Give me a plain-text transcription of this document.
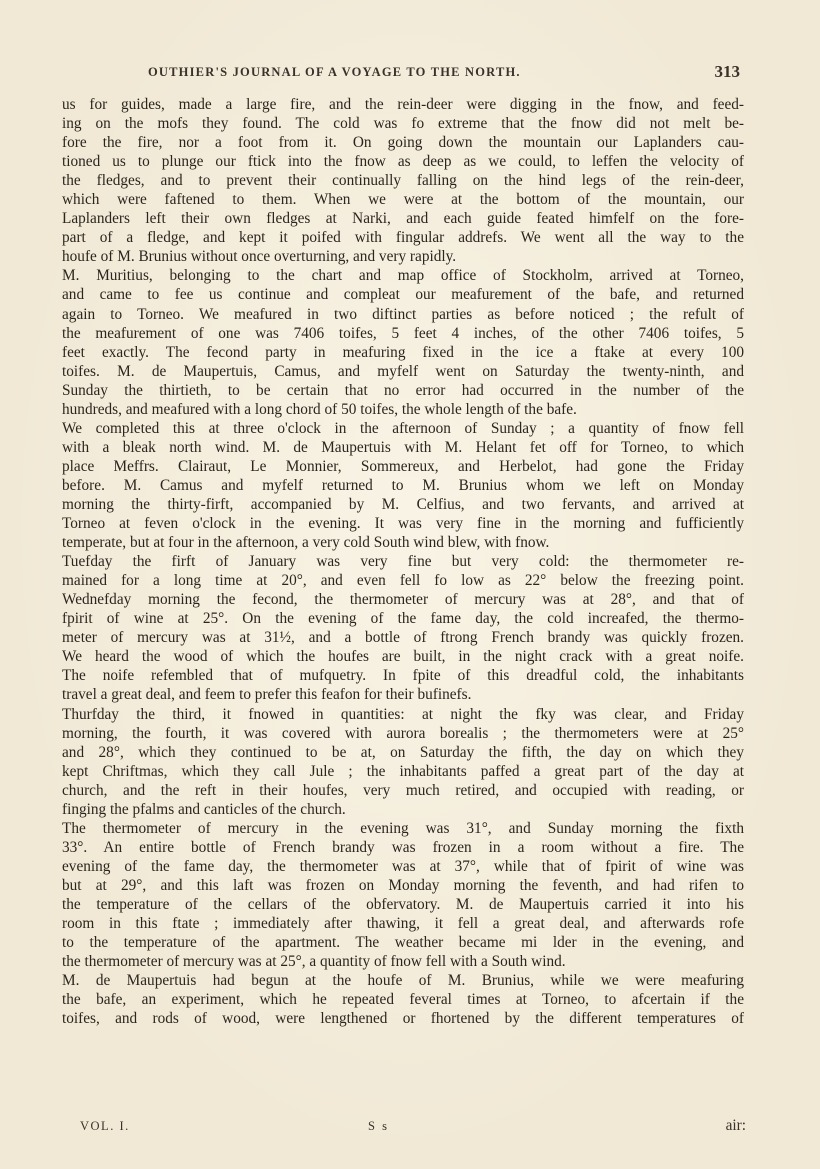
OUTHIER'S JOURNAL OF A VOYAGE TO THE NORTH.	313
us for guides, made a large fire, and the rein-deer were digging in the fnow, and feed-
ing on the mofs they found. The cold was fo extreme that the fnow did not melt be-
fore the fire, nor a foot from it. On going down the mountain our Laplanders cau-
tioned us to plunge our ftick into the fnow as deep as we could, to leffen the velocity of
the fledges, and to prevent their continually falling on the hind legs of the rein-deer,
which were faftened to them. When we were at the bottom of the mountain, our
Laplanders left their own fledges at Narki, and each guide feated himfelf on the fore-
part of a fledge, and kept it poifed with fingular addrefs. We went all the way to the
houfe of M. Brunius without once overturning, and very rapidly.
M. Muritius, belonging to the chart and map office of Stockholm, arrived at Torneo,
and came to fee us continue and compleat our meafurement of the bafe, and returned
again to Torneo. We meafured in two diftinct parties as before noticed ; the refult of
the meafurement of one was 7406 toifes, 5 feet 4 inches, of the other 7406 toifes, 5
feet exactly. The fecond party in meafuring fixed in the ice a ftake at every 100
toifes. M. de Maupertuis, Camus, and myfelf went on Saturday the twenty-ninth, and
Sunday the thirtieth, to be certain that no error had occurred in the number of the
hundreds, and meafured with a long chord of 50 toifes, the whole length of the bafe.
We completed this at three o'clock in the afternoon of Sunday ; a quantity of fnow fell
with a bleak north wind. M. de Maupertuis with M. Helant fet off for Torneo, to which
place Meffrs. Clairaut, Le Monnier, Sommereux, and Herbelot, had gone the Friday
before. M. Camus and myfelf returned to M. Brunius whom we left on Monday
morning the thirty-firft, accompanied by M. Celfius, and two fervants, and arrived at
Torneo at feven o'clock in the evening. It was very fine in the morning and fufficiently
temperate, but at four in the afternoon, a very cold South wind blew, with fnow.
Tuefday the firft of January was very fine but very cold: the thermometer re-
mained for a long time at 20°, and even fell fo low as 22° below the freezing point.
Wednefday morning the fecond, the thermometer of mercury was at 28°, and that of
fpirit of wine at 25°. On the evening of the fame day, the cold increafed, the thermo-
meter of mercury was at 31½, and a bottle of ftrong French brandy was quickly frozen.
We heard the wood of which the houfes are built, in the night crack with a great noife.
The noife refembled that of mufquetry. In fpite of this dreadful cold, the inhabitants
travel a great deal, and feem to prefer this feafon for their bufinefs.
Thurfday the third, it fnowed in quantities: at night the fky was clear, and Friday
morning, the fourth, it was covered with aurora borealis ; the thermometers were at 25°
and 28°, which they continued to be at, on Saturday the fifth, the day on which they
kept Chriftmas, which they call Jule ; the inhabitants paffed a great part of the day at
church, and the reft in their houfes, very much retired, and occupied with reading, or
finging the pfalms and canticles of the church.
The thermometer of mercury in the evening was 31°, and Sunday morning the fixth
33°. An entire bottle of French brandy was frozen in a room without a fire. The
evening of the fame day, the thermometer was at 37°, while that of fpirit of wine was
but at 29°, and this laft was frozen on Monday morning the feventh, and had rifen to
the temperature of the cellars of the obfervatory. M. de Maupertuis carried it into his
room in this ftate ; immediately after thawing, it fell a great deal, and afterwards rofe
to the temperature of the apartment. The weather became mi lder in the evening, and
the thermometer of mercury was at 25°, a quantity of fnow fell with a South wind.
M. de Maupertuis had begun at the houfe of M. Brunius, while we were meafuring
the bafe, an experiment, which he repeated feveral times at Torneo, to afcertain if the
toifes, and rods of wood, were lengthened or fhortened by the different temperatures of
VOL. I.	S s	air:
